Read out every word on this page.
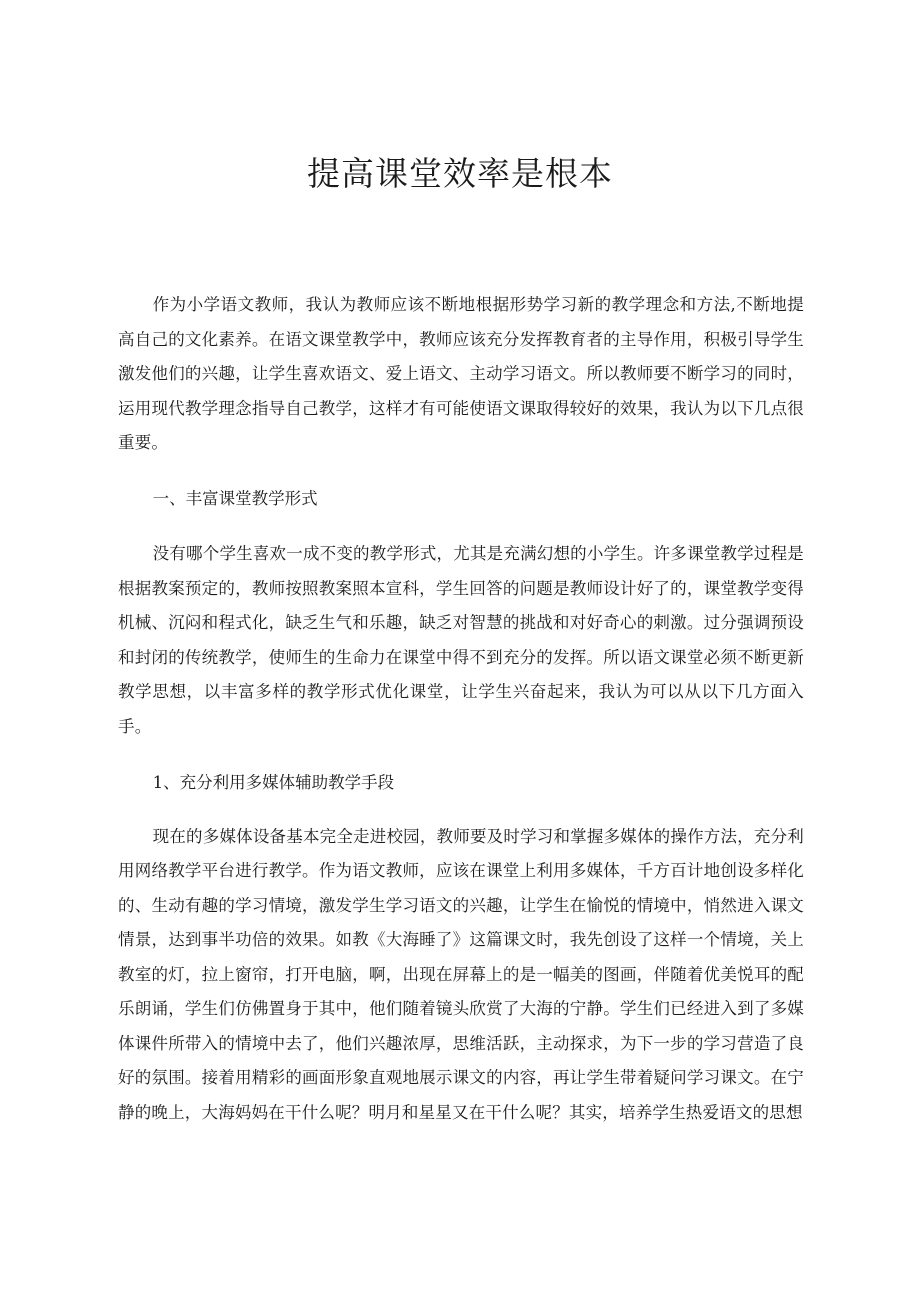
提高课堂效率是根本

作为小学语文教师，我认为教师应该不断地根据形势学习新的教学理念和方法,不断地提高自己的文化素养。在语文课堂教学中，教师应该充分发挥教育者的主导作用，积极引导学生激发他们的兴趣，让学生喜欢语文、爱上语文、主动学习语文。所以教师要不断学习的同时，运用现代教学理念指导自己教学，这样才有可能使语文课取得较好的效果，我认为以下几点很重要。

一、丰富课堂教学形式

没有哪个学生喜欢一成不变的教学形式，尤其是充满幻想的小学生。许多课堂教学过程是根据教案预定的，教师按照教案照本宣科，学生回答的问题是教师设计好了的，课堂教学变得机械、沉闷和程式化，缺乏生气和乐趣，缺乏对智慧的挑战和对好奇心的刺激。过分强调预设和封闭的传统教学，使师生的生命力在课堂中得不到充分的发挥。所以语文课堂必须不断更新教学思想，以丰富多样的教学形式优化课堂，让学生兴奋起来，我认为可以从以下几方面入手。

1、充分利用多媒体辅助教学手段

现在的多媒体设备基本完全走进校园，教师要及时学习和掌握多媒体的操作方法，充分利用网络教学平台进行教学。作为语文教师，应该在课堂上利用多媒体，千方百计地创设多样化的、生动有趣的学习情境，激发学生学习语文的兴趣，让学生在愉悦的情境中，悄然进入课文情景，达到事半功倍的效果。如教《大海睡了》这篇课文时，我先创设了这样一个情境，关上教室的灯，拉上窗帘，打开电脑，啊，出现在屏幕上的是一幅美的图画，伴随着优美悦耳的配乐朗诵，学生们仿佛置身于其中，他们随着镜头欣赏了大海的宁静。学生们已经进入到了多媒体课件所带入的情境中去了，他们兴趣浓厚，思维活跃，主动探求，为下一步的学习营造了良好的氛围。接着用精彩的画面形象直观地展示课文的内容，再让学生带着疑问学习课文。在宁静的晚上，大海妈妈在干什么呢？明月和星星又在干什么呢？其实，培养学生热爱语文的思想
